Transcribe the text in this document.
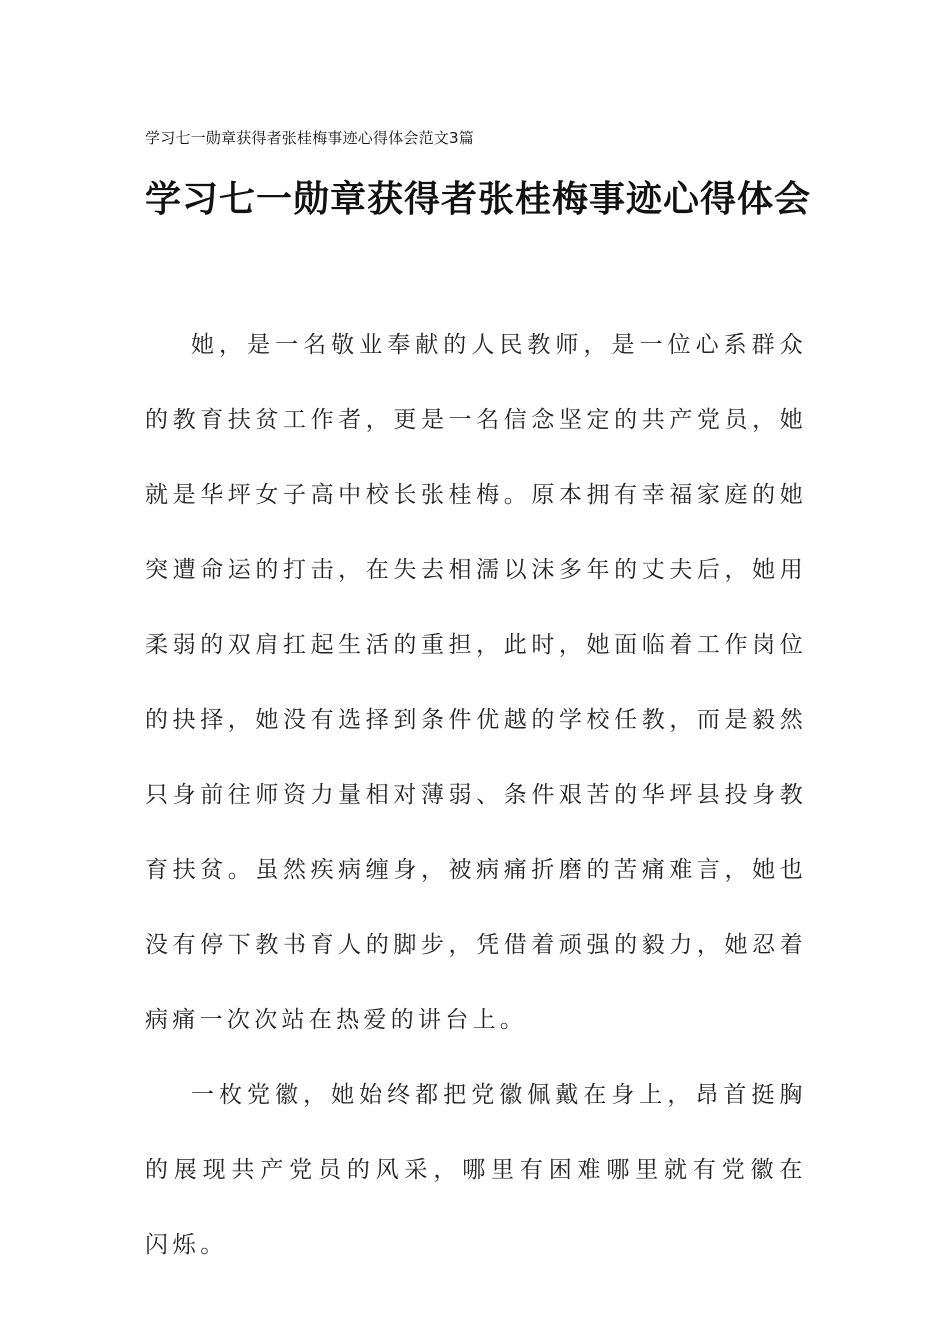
学习七一勋章获得者张桂梅事迹心得体会范文3篇
学习七一勋章获得者张桂梅事迹心得体会

她，是一名敬业奉献的人民教师，是一位心系群众的教育扶贫工作者，更是一名信念坚定的共产党员，她就是华坪女子高中校长张桂梅。原本拥有幸福家庭的她突遭命运的打击，在失去相濡以沫多年的丈夫后，她用柔弱的双肩扛起生活的重担，此时，她面临着工作岗位的抉择，她没有选择到条件优越的学校任教，而是毅然只身前往师资力量相对薄弱、条件艰苦的华坪县投身教育扶贫。虽然疾病缠身，被病痛折磨的苦痛难言，她也没有停下教书育人的脚步，凭借着顽强的毅力，她忍着病痛一次次站在热爱的讲台上。

一枚党徽，她始终都把党徽佩戴在身上，昂首挺胸的展现共产党员的风采，哪里有困难哪里就有党徽在闪烁。
